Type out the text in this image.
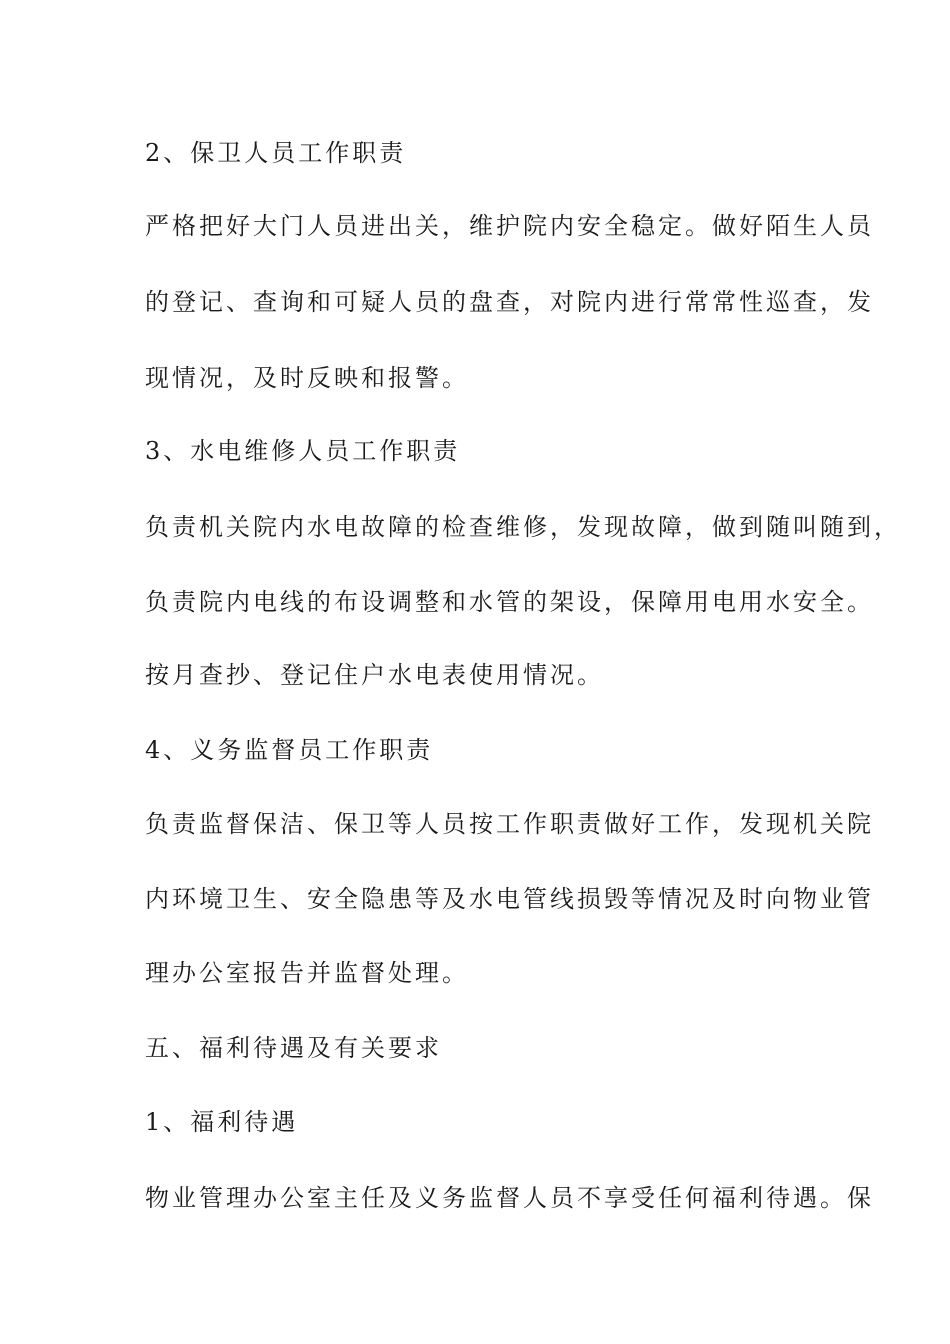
2、保卫人员工作职责

严格把好大门人员进出关，维护院内安全稳定。做好陌生人员

的登记、查询和可疑人员的盘查，对院内进行常常性巡查，发

现情况，及时反映和报警。

3、水电维修人员工作职责

负责机关院内水电故障的检查维修，发现故障，做到随叫随到，

负责院内电线的布设调整和水管的架设，保障用电用水安全。

按月查抄、登记住户水电表使用情况。

4、义务监督员工作职责

负责监督保洁、保卫等人员按工作职责做好工作，发现机关院

内环境卫生、安全隐患等及水电管线损毁等情况及时向物业管

理办公室报告并监督处理。

五、福利待遇及有关要求

1、福利待遇

物业管理办公室主任及义务监督人员不享受任何福利待遇。保
